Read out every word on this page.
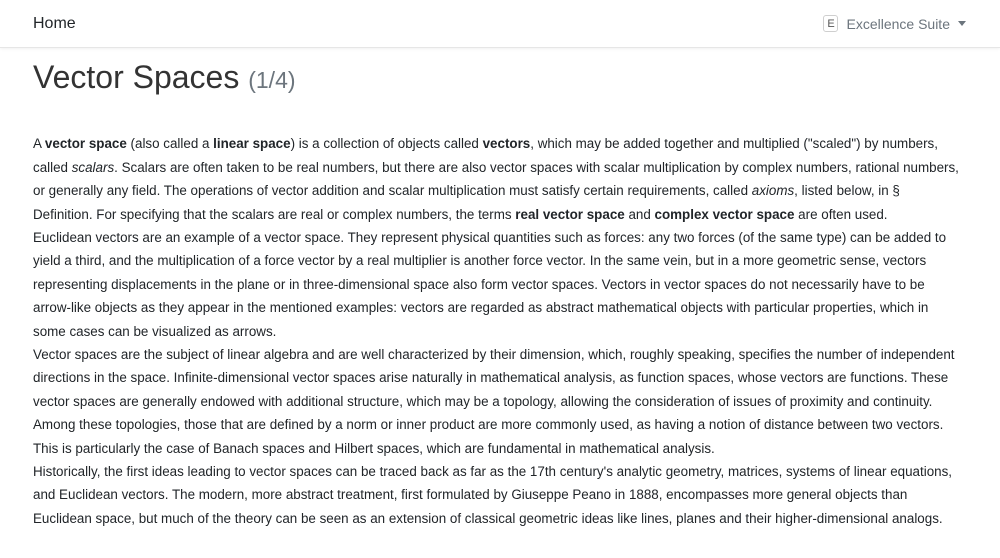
Home	E Excellence Suite
Vector Spaces (1/4)

A vector space (also called a linear space) is a collection of objects called vectors, which may be added together and multiplied ("scaled") by numbers, called scalars. Scalars are often taken to be real numbers, but there are also vector spaces with scalar multiplication by complex numbers, rational numbers, or generally any field. The operations of vector addition and scalar multiplication must satisfy certain requirements, called axioms, listed below, in § Definition. For specifying that the scalars are real or complex numbers, the terms real vector space and complex vector space are often used.

Euclidean vectors are an example of a vector space. They represent physical quantities such as forces: any two forces (of the same type) can be added to yield a third, and the multiplication of a force vector by a real multiplier is another force vector. In the same vein, but in a more geometric sense, vectors representing displacements in the plane or in three-dimensional space also form vector spaces. Vectors in vector spaces do not necessarily have to be arrow-like objects as they appear in the mentioned examples: vectors are regarded as abstract mathematical objects with particular properties, which in some cases can be visualized as arrows.

Vector spaces are the subject of linear algebra and are well characterized by their dimension, which, roughly speaking, specifies the number of independent directions in the space. Infinite-dimensional vector spaces arise naturally in mathematical analysis, as function spaces, whose vectors are functions. These vector spaces are generally endowed with additional structure, which may be a topology, allowing the consideration of issues of proximity and continuity. Among these topologies, those that are defined by a norm or inner product are more commonly used, as having a notion of distance between two vectors. This is particularly the case of Banach spaces and Hilbert spaces, which are fundamental in mathematical analysis.

Historically, the first ideas leading to vector spaces can be traced back as far as the 17th century's analytic geometry, matrices, systems of linear equations, and Euclidean vectors. The modern, more abstract treatment, first formulated by Giuseppe Peano in 1888, encompasses more general objects than Euclidean space, but much of the theory can be seen as an extension of classical geometric ideas like lines, planes and their higher-dimensional analogs.
